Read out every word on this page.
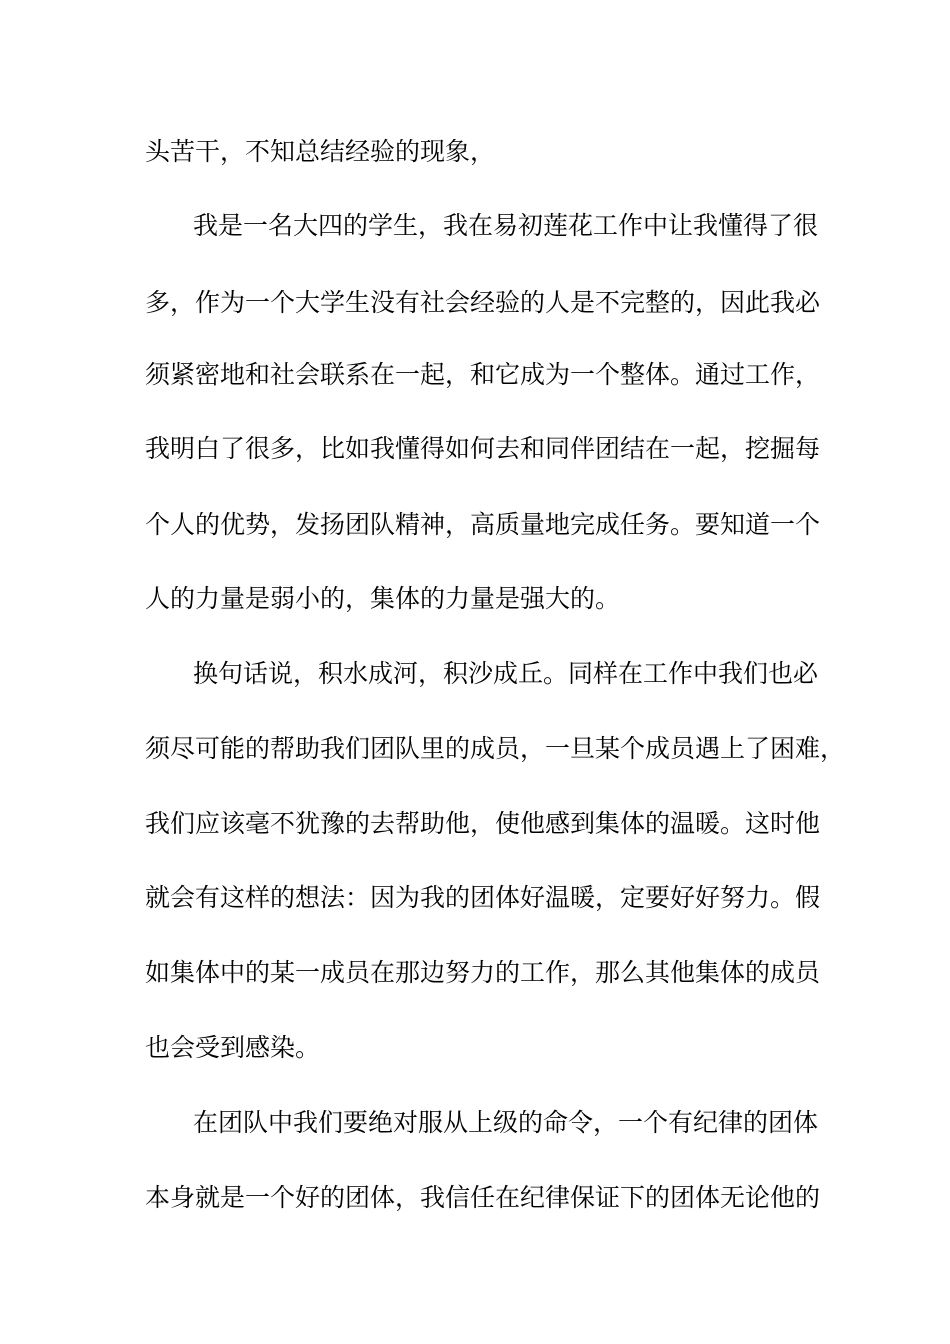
头苦干，不知总结经验的现象，
我是一名大四的学生，我在易初莲花工作中让我懂得了很
多，作为一个大学生没有社会经验的人是不完整的，因此我必
须紧密地和社会联系在一起，和它成为一个整体。通过工作，
我明白了很多，比如我懂得如何去和同伴团结在一起，挖掘每
个人的优势，发扬团队精神，高质量地完成任务。要知道一个
人的力量是弱小的，集体的力量是强大的。
换句话说，积水成河，积沙成丘。同样在工作中我们也必
须尽可能的帮助我们团队里的成员，一旦某个成员遇上了困难，
我们应该毫不犹豫的去帮助他，使他感到集体的温暖。这时他
就会有这样的想法：因为我的团体好温暖，定要好好努力。假
如集体中的某一成员在那边努力的工作，那么其他集体的成员
也会受到感染。
在团队中我们要绝对服从上级的命令，一个有纪律的团体
本身就是一个好的团体，我信任在纪律保证下的团体无论他的
